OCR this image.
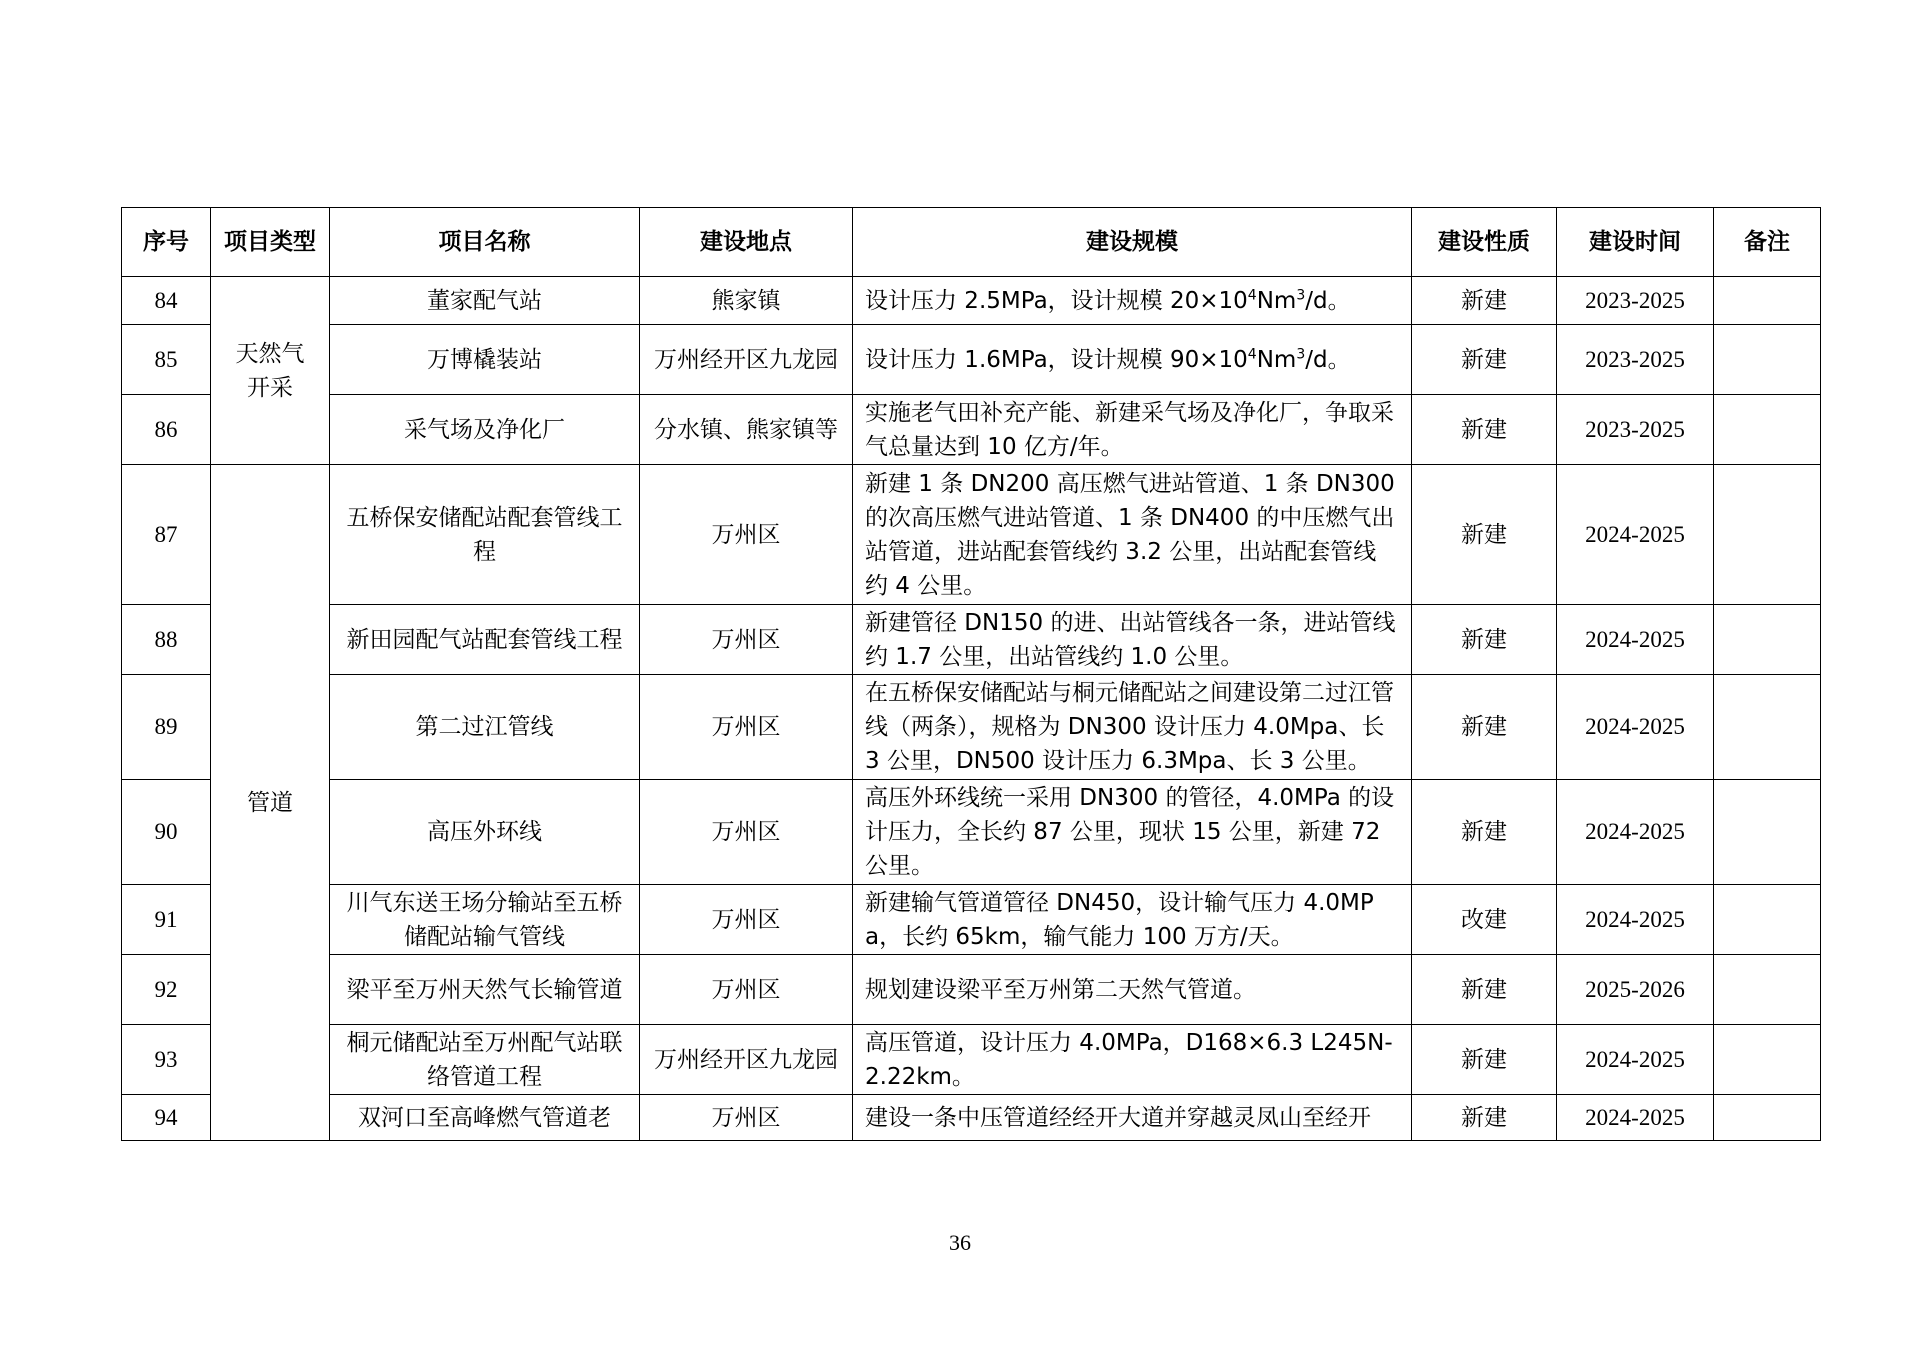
序号	项目类型	项目名称	建设地点	建设规模	建设性质	建设时间	备注
84	天然气开采	董家配气站	熊家镇	设计压力 2.5MPa，设计规模 $20\times 10^4Nm^3/d$。	新建	2023-2025	
85		万博橇装站	万州经开区九龙园	设计压力 1.6MPa，设计规模 $90\times 10^4Nm^3/d$。	新建	2023-2025	
86		采气场及净化厂	分水镇、熊家镇等	实施老气田补充产能、新建采气场及净化厂，争取采气总量达到 10 亿方/年。	新建	2023-2025	
87	管道	五桥保安储配站配套管线工程	万州区	新建 1 条 DN200 高压燃气进站管道、1 条 DN300 的次高压燃气进站管道、1 条 DN400 的中压燃气出站管道，进站配套管线约 3.2 公里，出站配套管线约 4 公里。	新建	2024-2025	
88		新田园配气站配套管线工程	万州区	新建管径 DN150 的进、出站管线各一条，进站管线约 1.7 公里，出站管线约 1.0 公里。	新建	2024-2025	
89		第二过江管线	万州区	在五桥保安储配站与桐元储配站之间建设第二过江管线（两条），规格为 DN300 设计压力 4.0Mpa、长 3 公里，DN500 设计压力 6.3Mpa、长 3 公里。	新建	2024-2025	
90		高压外环线	万州区	高压外环线统一采用 DN300 的管径，4.0MPa 的设计压力，全长约 87 公里，现状 15 公里，新建 72 公里。	新建	2024-2025	
91		川气东送王场分输站至五桥储配站输气管线	万州区	新建输气管道管径 DN450，设计输气压力 4.0MPa，长约 65km，输气能力 100 万方/天。	改建	2024-2025	
92		梁平至万州天然气长输管道	万州区	规划建设梁平至万州第二天然气管道。	新建	2025-2026	
93		桐元储配站至万州配气站联络管道工程	万州经开区九龙园	高压管道，设计压力 4.0MPa，D168×6.3 L245N-2.22km。	新建	2024-2025	
94		双河口至高峰燃气管道老	万州区	建设一条中压管道经经开大道并穿越灵凤山至经开	新建	2024-2025	
36
